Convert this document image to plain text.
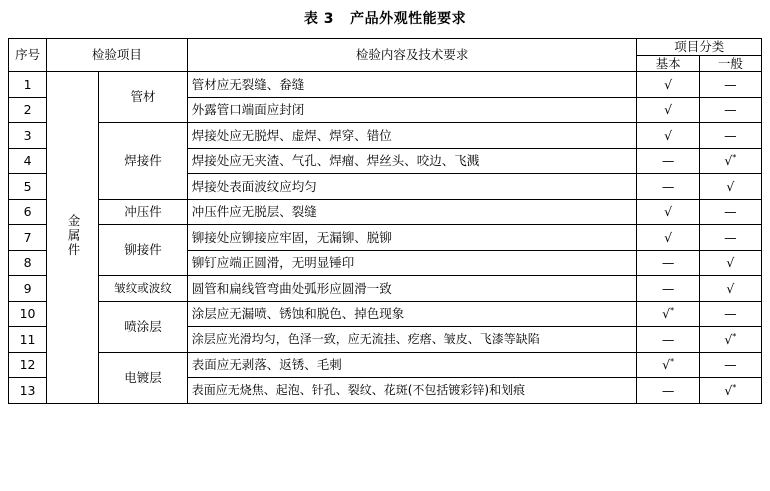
表 3   产品外观性能要求
序号	检验项目		检验内容及技术要求	项目分类	
				基本	一般
1	金属件	管材	管材应无裂缝、畚缝	√	—
2			外露管口端面应封闭	√	—
3		焊接件	焊接处应无脱焊、虚焊、焊穿、错位	√	—
4			焊接处应无夹渣、气孔、焊瘤、焊丝头、咬边、飞溅	—	√*
5			焊接处表面波纹应均匀	—	√
6		冲压件	冲压件应无脱层、裂缝	√	—
7		铆接件	铆接处应铆接应牢固，无漏铆、脱铆	√	—
8			铆钉应端正圆滑，无明显锤印	—	√
9		皱纹或波纹	圆管和扁线管弯曲处弧形应圆滑一致	—	√
10		喷涂层	涂层应无漏喷、锈蚀和脱色、掉色现象	√*	—
11			涂层应光滑均匀，色泽一致，应无流挂、疙瘩、皱皮、飞漆等缺陷	—	√*
12		电镀层	表面应无剥落、返锈、毛刺	√*	—
13			表面应无烧焦、起泡、针孔、裂纹、花斑(不包括镀彩锌)和划痕	—	√*
